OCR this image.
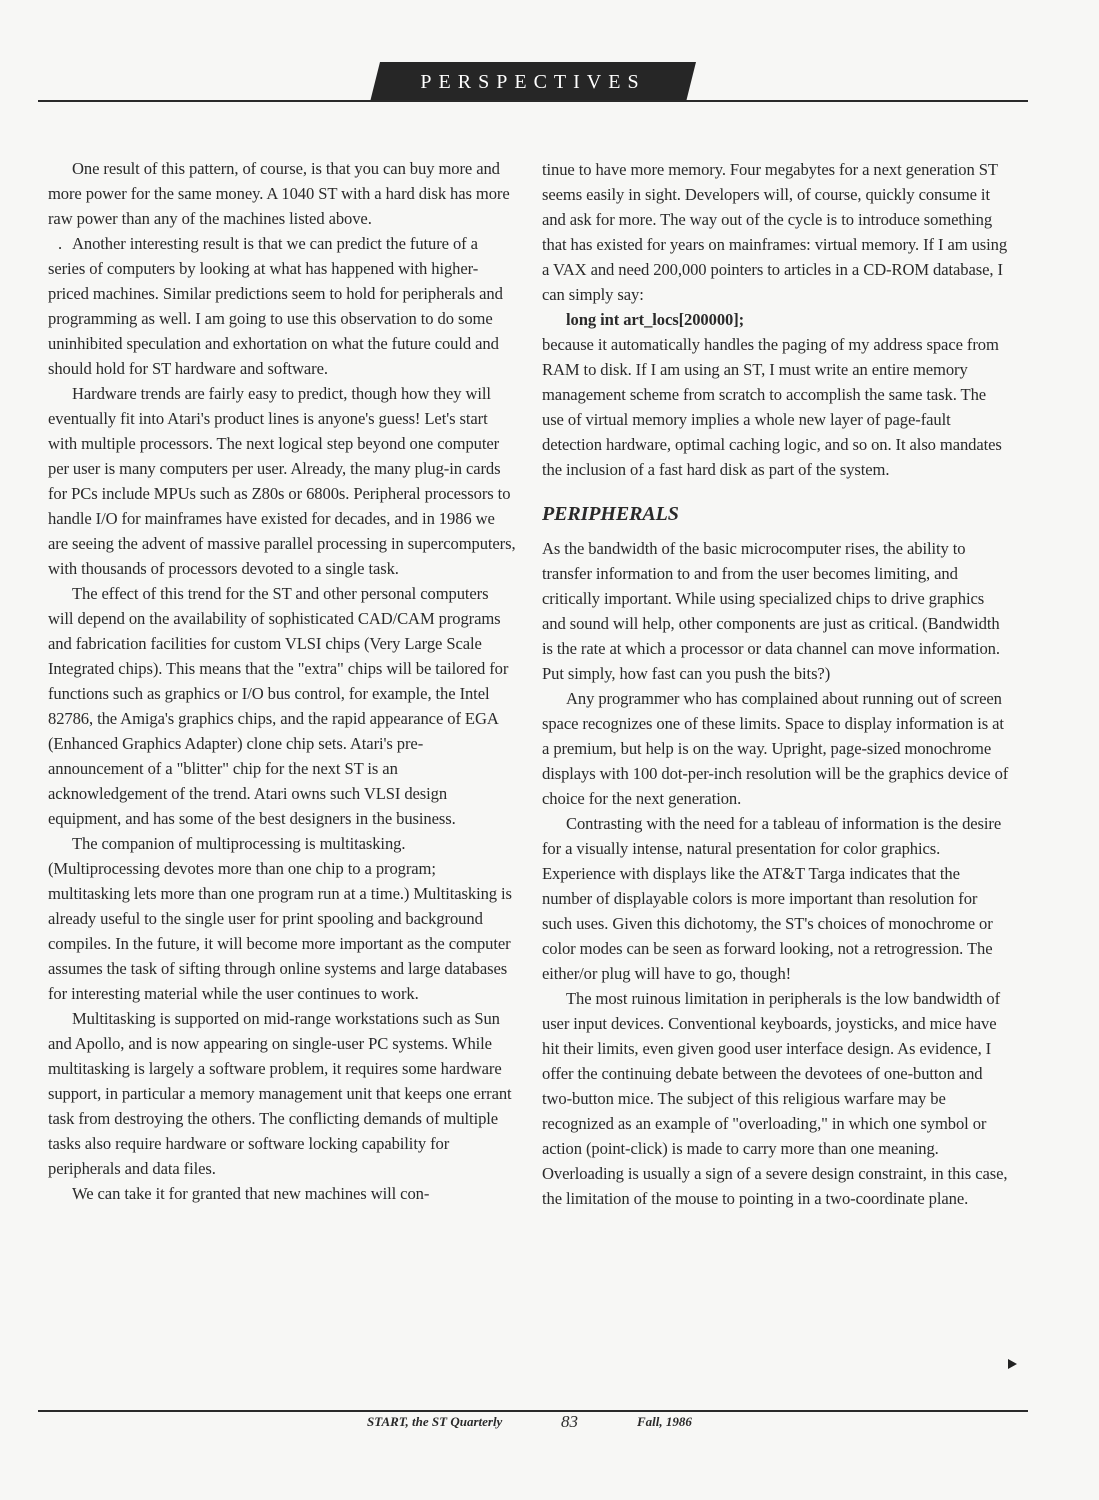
PERSPECTIVES

One result of this pattern, of course, is that you can buy more and more power for the same money. A 1040 ST with a hard disk has more raw power than any of the machines listed above.

. Another interesting result is that we can predict the future of a series of computers by looking at what has happened with higher-priced machines. Similar predictions seem to hold for peripherals and programming as well. I am going to use this observation to do some uninhibited speculation and exhortation on what the future could and should hold for ST hardware and software.

Hardware trends are fairly easy to predict, though how they will eventually fit into Atari's product lines is anyone's guess! Let's start with multiple processors. The next logical step beyond one computer per user is many computers per user. Already, the many plug-in cards for PCs include MPUs such as Z80s or 6800s. Peripheral processors to handle I/O for mainframes have existed for decades, and in 1986 we are seeing the advent of massive parallel processing in supercomputers, with thousands of processors devoted to a single task.

The effect of this trend for the ST and other personal computers will depend on the availability of sophisticated CAD/CAM programs and fabrication facilities for custom VLSI chips (Very Large Scale Integrated chips). This means that the "extra" chips will be tailored for functions such as graphics or I/O bus control, for example, the Intel 82786, the Amiga's graphics chips, and the rapid appearance of EGA (Enhanced Graphics Adapter) clone chip sets. Atari's pre-announcement of a "blitter" chip for the next ST is an acknowledgement of the trend. Atari owns such VLSI design equipment, and has some of the best designers in the business.

The companion of multiprocessing is multitasking. (Multiprocessing devotes more than one chip to a program; multitasking lets more than one program run at a time.) Multitasking is already useful to the single user for print spooling and background compiles. In the future, it will become more important as the computer assumes the task of sifting through online systems and large databases for interesting material while the user continues to work.

Multitasking is supported on mid-range workstations such as Sun and Apollo, and is now appearing on single-user PC systems. While multitasking is largely a software problem, it requires some hardware support, in particular a memory management unit that keeps one errant task from destroying the others. The conflicting demands of multiple tasks also require hardware or software locking capability for peripherals and data files.

We can take it for granted that new machines will con-

tinue to have more memory. Four megabytes for a next generation ST seems easily in sight. Developers will, of course, quickly consume it and ask for more. The way out of the cycle is to introduce something that has existed for years on mainframes: virtual memory. If I am using a VAX and need 200,000 pointers to articles in a CD-ROM database, I can simply say:

long int art_locs[200000];

because it automatically handles the paging of my address space from RAM to disk. If I am using an ST, I must write an entire memory management scheme from scratch to accomplish the same task. The use of virtual memory implies a whole new layer of page-fault detection hardware, optimal caching logic, and so on. It also mandates the inclusion of a fast hard disk as part of the system.

PERIPHERALS

As the bandwidth of the basic microcomputer rises, the ability to transfer information to and from the user becomes limiting, and critically important. While using specialized chips to drive graphics and sound will help, other components are just as critical. (Bandwidth is the rate at which a processor or data channel can move information. Put simply, how fast can you push the bits?)

Any programmer who has complained about running out of screen space recognizes one of these limits. Space to display information is at a premium, but help is on the way. Upright, page-sized monochrome displays with 100 dot-per-inch resolution will be the graphics device of choice for the next generation.

Contrasting with the need for a tableau of information is the desire for a visually intense, natural presentation for color graphics. Experience with displays like the AT&T Targa indicates that the number of displayable colors is more important than resolution for such uses. Given this dichotomy, the ST's choices of monochrome or color modes can be seen as forward looking, not a retrogression. The either/or plug will have to go, though!

The most ruinous limitation in peripherals is the low bandwidth of user input devices. Conventional keyboards, joysticks, and mice have hit their limits, even given good user interface design. As evidence, I offer the continuing debate between the devotees of one-button and two-button mice. The subject of this religious warfare may be recognized as an example of "overloading," in which one symbol or action (point-click) is made to carry more than one meaning. Overloading is usually a sign of a severe design constraint, in this case, the limitation of the mouse to pointing in a two-coordinate plane.

START, the ST Quarterly	83	Fall, 1986
